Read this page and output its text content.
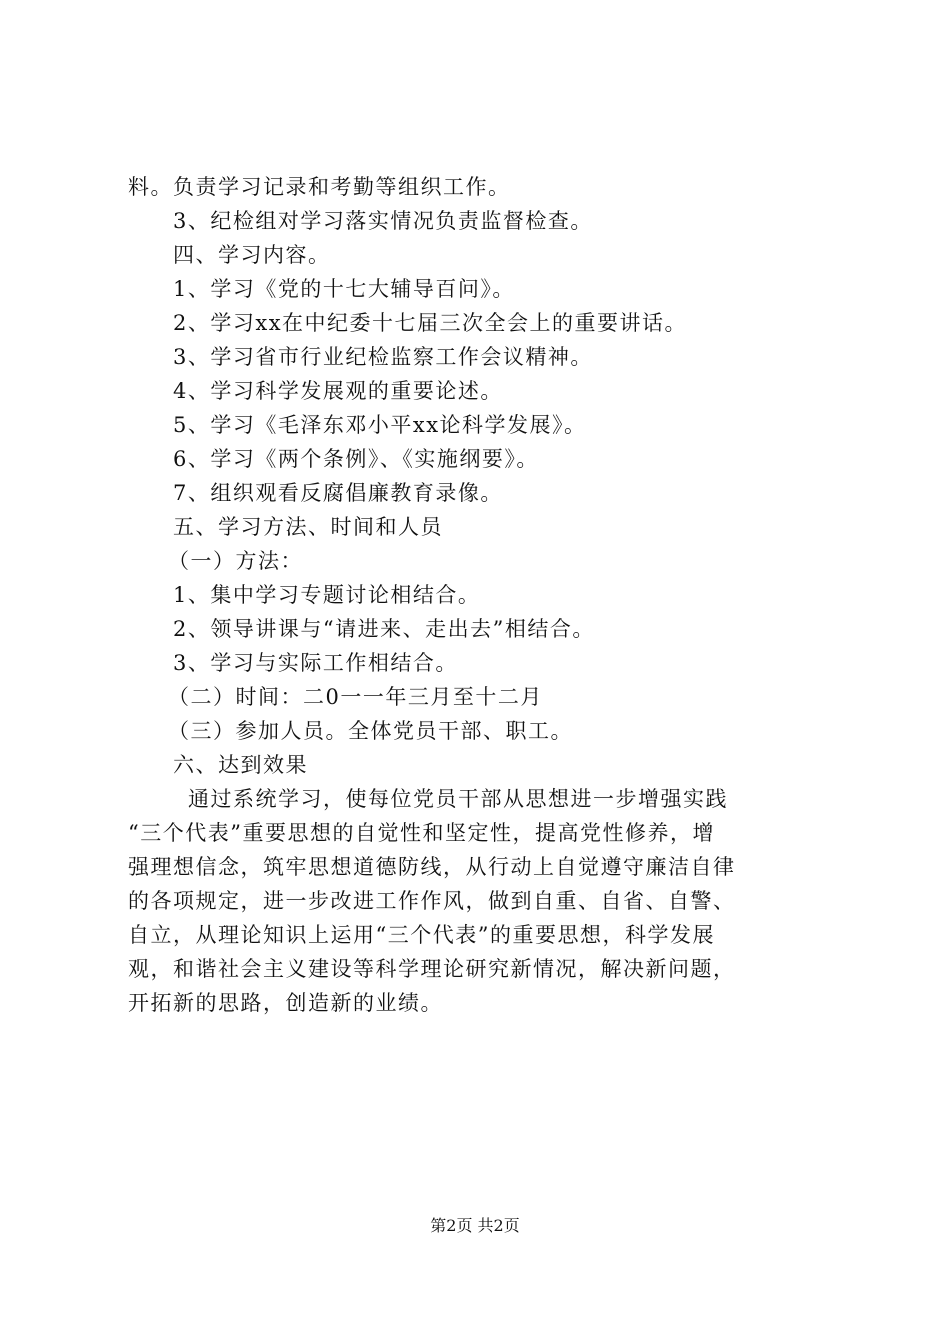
料。负责学习记录和考勤等组织工作。
3、纪检组对学习落实情况负责监督检查。
四、学习内容。
1、学习《党的十七大辅导百问》。
2、学习xx在中纪委十七届三次全会上的重要讲话。
3、学习省市行业纪检监察工作会议精神。
4、学习科学发展观的重要论述。
5、学习《毛泽东邓小平xx论科学发展》。
6、学习《两个条例》、《实施纲要》。
7、组织观看反腐倡廉教育录像。
五、学习方法、时间和人员
（一）方法：
1、集中学习专题讨论相结合。
2、领导讲课与“请进来、走出去”相结合。
3、学习与实际工作相结合。
（二）时间：二0一一年三月至十二月
（三）参加人员。全体党员干部、职工。
六、达到效果
通过系统学习，使每位党员干部从思想进一步增强实践
“三个代表”重要思想的自觉性和坚定性，提高党性修养，增
强理想信念，筑牢思想道德防线，从行动上自觉遵守廉洁自律
的各项规定，进一步改进工作作风，做到自重、自省、自警、
自立，从理论知识上运用“三个代表”的重要思想，科学发展
观，和谐社会主义建设等科学理论研究新情况，解决新问题，
开拓新的思路，创造新的业绩。
第2页 共2页
